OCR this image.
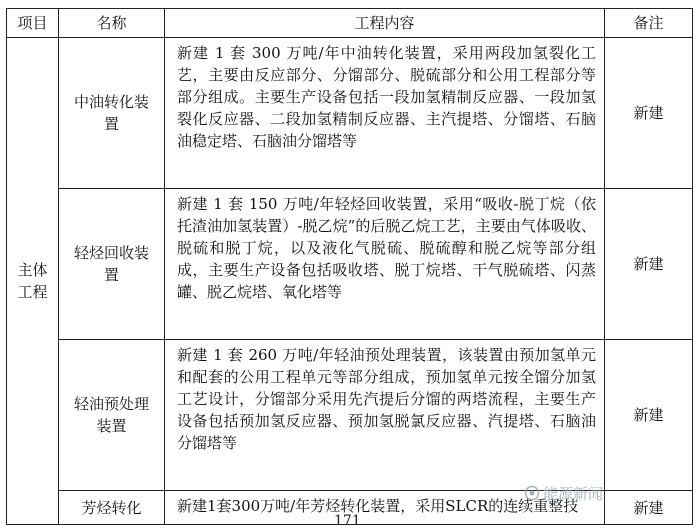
项目	名称	工程内容	备注
主体工程	中油转化装置	新建 1 套 300 万吨/年中油转化装置，采用两段加氢裂化工艺，主要由反应部分、分馏部分、脱硫部分和公用工程部分等部分组成。主要生产设备包括一段加氢精制反应器、一段加氢裂化反应器、二段加氢精制反应器、主汽提塔、分馏塔、石脑油稳定塔、石脑油分馏塔等	新建
	轻烃回收装置	新建 1 套 150 万吨/年轻烃回收装置，采用“吸收-脱丁烷（依托渣油加氢装置）-脱乙烷”的后脱乙烷工艺，主要由气体吸收、脱硫和脱丁烷，以及液化气脱硫、脱硫醇和脱乙烷等部分组成，主要生产设备包括吸收塔、脱丁烷塔、干气脱硫塔、闪蒸罐、脱乙烷塔、氧化塔等	新建
	轻油预处理装置	新建 1 套 260 万吨/年轻油预处理装置，该装置由预加氢单元和配套的公用工程单元等部分组成，预加氢单元按全馏分加氢工艺设计，分馏部分采用先汽提后分馏的两塔流程，主要生产设备包括预加氢反应器、预加氢脱氯反应器、汽提塔、石脑油分馏塔等	新建
	芳烃转化	新建1套300万吨/年芳烃转化装置，采用SLCR的连续重整技	新建
能源新闻
171
